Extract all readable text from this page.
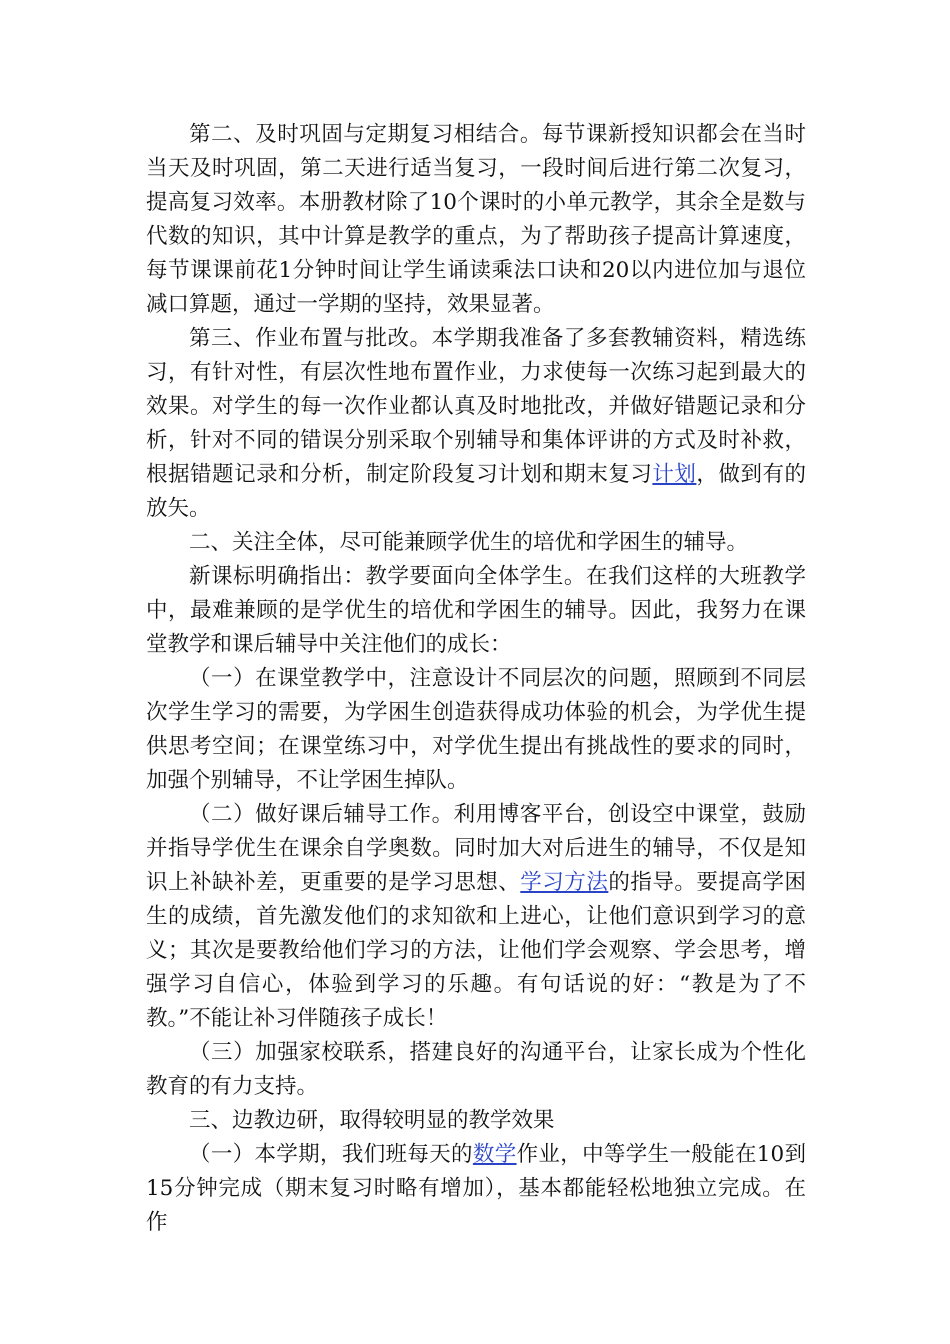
第二、及时巩固与定期复习相结合。每节课新授知识都会在当时当天及时巩固，第二天进行适当复习，一段时间后进行第二次复习，提高复习效率。本册教材除了10个课时的小单元教学，其余全是数与代数的知识，其中计算是教学的重点，为了帮助孩子提高计算速度，每节课课前花1分钟时间让学生诵读乘法口诀和20以内进位加与退位减口算题，通过一学期的坚持，效果显著。

第三、作业布置与批改。本学期我准备了多套教辅资料，精选练习，有针对性，有层次性地布置作业，力求使每一次练习起到最大的效果。对学生的每一次作业都认真及时地批改，并做好错题记录和分析，针对不同的错误分别采取个别辅导和集体评讲的方式及时补救，根据错题记录和分析，制定阶段复习计划和期末复习计划，做到有的放矢。

二、关注全体，尽可能兼顾学优生的培优和学困生的辅导。

新课标明确指出：教学要面向全体学生。在我们这样的大班教学中，最难兼顾的是学优生的培优和学困生的辅导。因此，我努力在课堂教学和课后辅导中关注他们的成长：

（一）在课堂教学中，注意设计不同层次的问题，照顾到不同层次学生学习的需要，为学困生创造获得成功体验的机会，为学优生提供思考空间；在课堂练习中，对学优生提出有挑战性的要求的同时，加强个别辅导，不让学困生掉队。

（二）做好课后辅导工作。利用博客平台，创设空中课堂，鼓励并指导学优生在课余自学奥数。同时加大对后进生的辅导，不仅是知识上补缺补差，更重要的是学习思想、学习方法的指导。要提高学困生的成绩，首先激发他们的求知欲和上进心，让他们意识到学习的意义；其次是要教给他们学习的方法，让他们学会观察、学会思考，增强学习自信心，体验到学习的乐趣。有句话说的好：“教是为了不教。”不能让补习伴随孩子成长！

（三）加强家校联系，搭建良好的沟通平台，让家长成为个性化教育的有力支持。

三、边教边研，取得较明显的教学效果

（一）本学期，我们班每天的数学作业，中等学生一般能在10到15分钟完成（期末复习时略有增加），基本都能轻松地独立完成。在作
